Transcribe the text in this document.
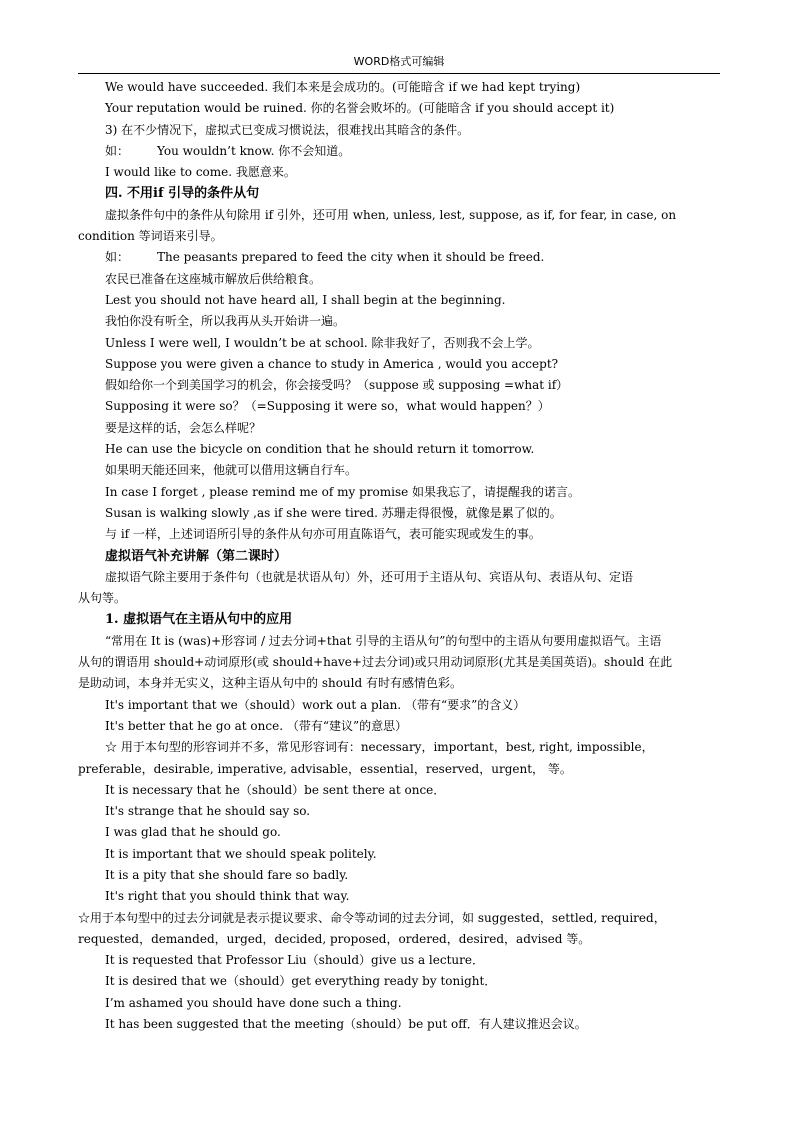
WORD格式可编辑
We would have succeeded. 我们本来是会成功的。(可能暗含 if we had kept trying)
Your reputation would be ruined. 你的名誉会败坏的。(可能暗含 if you should accept it)
3) 在不少情况下，虚拟式已变成习惯说法，很难找出其暗含的条件。
如： You wouldn’t know. 你不会知道。
I would like to come. 我愿意来。
四. 不用if 引导的条件从句
虚拟条件句中的条件从句除用 if 引外，还可用 when, unless, lest, suppose, as if, for fear, in case, on
condition 等词语来引导。
如： The peasants prepared to feed the city when it should be freed.
农民已准备在这座城市解放后供给粮食。
Lest you should not have heard all, I shall begin at the beginning.
我怕你没有听全，所以我再从头开始讲一遍。
Unless I were well, I wouldn’t be at school. 除非我好了，否则我不会上学。
Suppose you were given a chance to study in America , would you accept?
假如给你一个到美国学习的机会，你会接受吗？（suppose 或 supposing =what if）
Supposing it were so？（=Supposing it were so，what would happen？）
要是这样的话，会怎么样呢？
He can use the bicycle on condition that he should return it tomorrow.
如果明天能还回来，他就可以借用这辆自行车。
In case I forget , please remind me of my promise 如果我忘了，请提醒我的诺言。
Susan is walking slowly ,as if she were tired. 苏珊走得很慢，就像是累了似的。
与 if 一样，上述词语所引导的条件从句亦可用直陈语气，表可能实现或发生的事。
虚拟语气补充讲解（第二课时）
虚拟语气除主要用于条件句（也就是状语从句）外，还可用于主语从句、宾语从句、表语从句、定语
从句等。
1. 虚拟语气在主语从句中的应用
“常用在 It is (was)+形容词 / 过去分词+that 引导的主语从句”的句型中的主语从句要用虚拟语气。主语
从句的谓语用 should+动词原形(或 should+have+过去分词)或只用动词原形(尤其是美国英语)。should 在此
是助动词，本身并无实义，这种主语从句中的 should 有时有感情色彩。
It's important that we（should）work out a plan. （带有“要求”的含义）
It's better that he go at once. （带有“建议”的意思）
☆ 用于本句型的形容词并不多，常见形容词有：necessary，important，best, right, impossible，
preferable，desirable, imperative, advisable，essential，reserved，urgent， 等。
It is necessary that he（should）be sent there at once．
It's strange that he should say so.
I was glad that he should go.
It is important that we should speak politely.
It is a pity that she should fare so badly.
It's right that you should think that way.
☆用于本句型中的过去分词就是表示提议要求、命令等动词的过去分词，如 suggested，settled, required，
requested，demanded，urged，decided, proposed，ordered，desired，advised 等。
It is requested that Professor Liu（should）give us a lecture．
It is desired that we（should）get everything ready by tonight．
I’m ashamed you should have done such a thing.
It has been suggested that the meeting（should）be put off．有人建议推迟会议。
